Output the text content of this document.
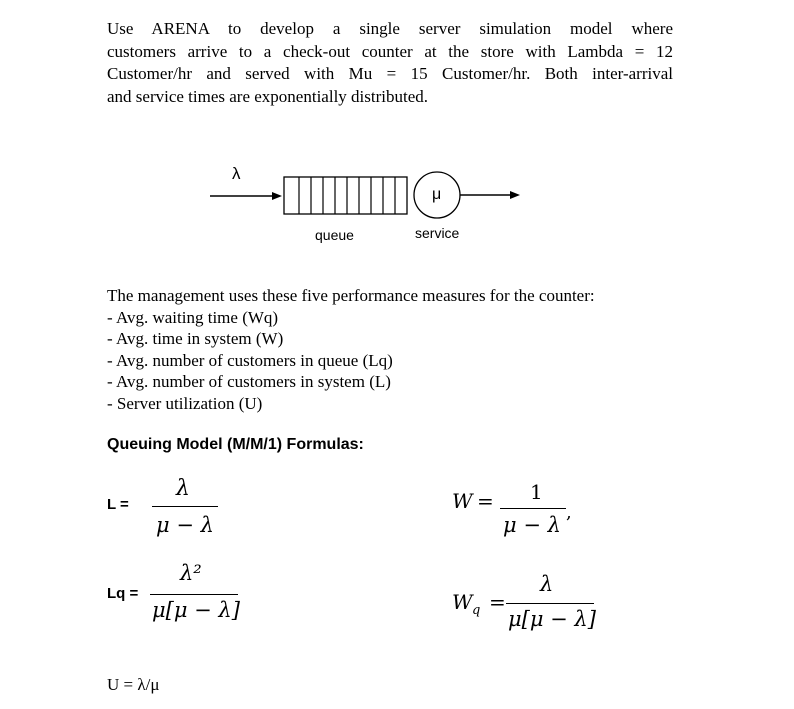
Use ARENA to develop a single server simulation model where
customers arrive to a check-out counter at the store with Lambda = 12
Customer/hr and served with Mu = 15 Customer/hr. Both inter-arrival
and service times are exponentially distributed.
λ
μ
queue	service
The management uses these five performance measures for the counter:
- Avg. waiting time (Wq)
- Avg. time in system (W)
- Avg. number of customers in queue (Lq)
- Avg. number of customers in system (L)
- Server utilization (U)
Queuing Model (M/M/1) Formulas:
L =
λ
μ − λ
Lq =
λ²
μ[μ − λ]
W = 1
μ − λ
,
W q =
λ
μ[μ − λ]
U = λ/μ
